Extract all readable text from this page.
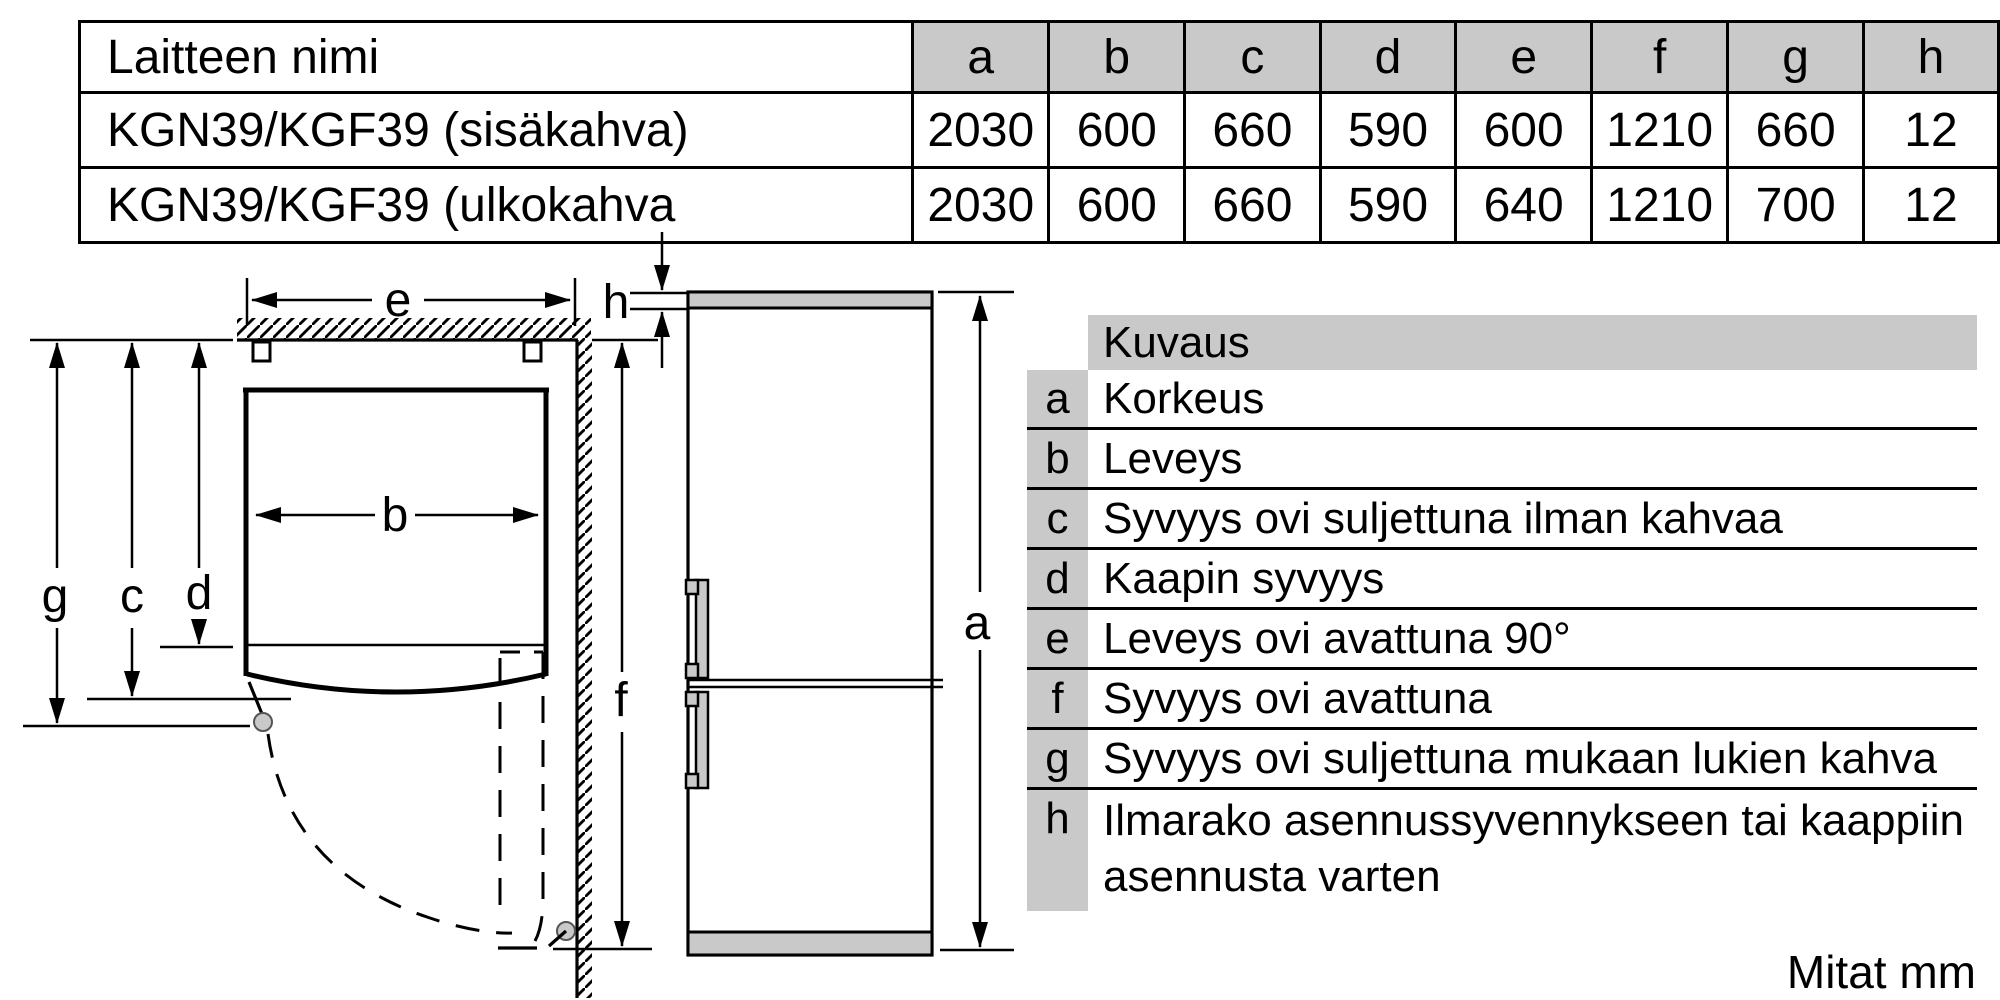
Laitteen nimi	a	b	c	d	e	f	g	h
KGN39/KGF39 (sisäkahva)	2030	600	660	590	600	1210	660	12
KGN39/KGF39 (ulkokahva	2030	600	660	590	640	1210	700	12
e
b
g c d
f
h
a
Kuvaus
a Korkeus
b Leveys
c Syvyys ovi suljettuna ilman kahvaa
d Kaapin syvyys
e Leveys ovi avattuna 90°
f Syvyys ovi avattuna
g Syvyys ovi suljettuna mukaan lukien kahva
h Ilmarako asennussyvennykseen tai kaappiin asennusta varten
Mitat mm
